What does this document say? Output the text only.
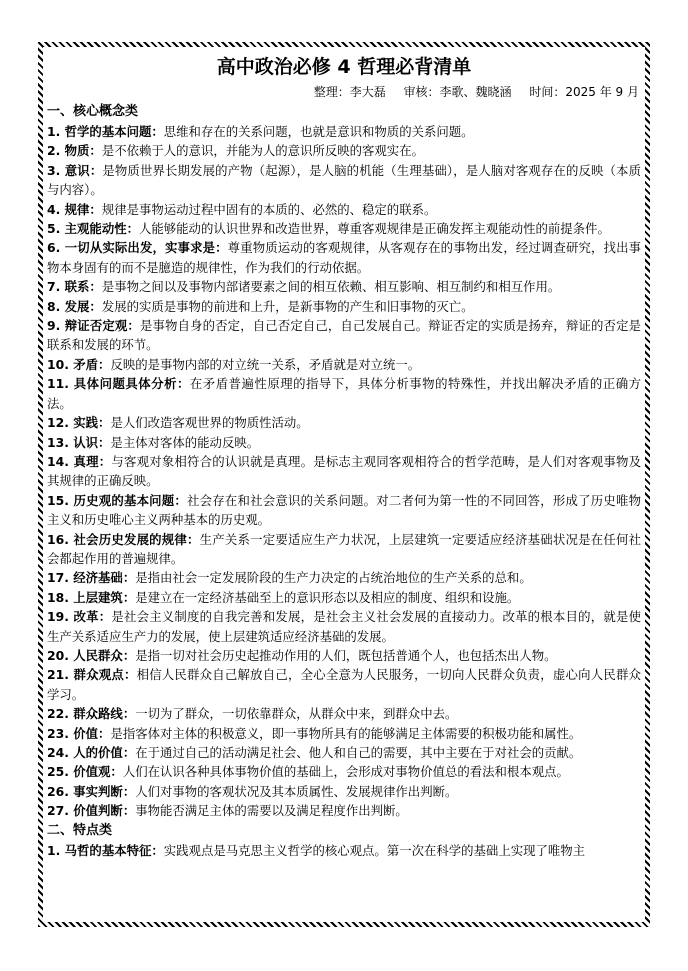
高中政治必修 4 哲理必背清单
整理：李大磊 审核：李歌、魏晓涵 时间：2025 年 9 月
一、核心概念类

1. 哲学的基本问题：思维和存在的关系问题，也就是意识和物质的关系问题。

2. 物质：是不依赖于人的意识，并能为人的意识所反映的客观实在。

3. 意识：是物质世界长期发展的产物（起源），是人脑的机能（生理基础），是人脑对客观存在的反映（本质与内容）。

4. 规律：规律是事物运动过程中固有的本质的、必然的、稳定的联系。

5. 主观能动性：人能够能动的认识世界和改造世界，尊重客观规律是正确发挥主观能动性的前提条件。

6. 一切从实际出发，实事求是：尊重物质运动的客观规律，从客观存在的事物出发，经过调查研究，找出事物本身固有的而不是臆造的规律性，作为我们的行动依据。

7. 联系：是事物之间以及事物内部诸要素之间的相互依赖、相互影响、相互制约和相互作用。

8. 发展：发展的实质是事物的前进和上升，是新事物的产生和旧事物的灭亡。

9. 辩证否定观：是事物自身的否定，自己否定自己，自己发展自己。辩证否定的实质是扬弃，辩证的否定是联系和发展的环节。

10. 矛盾：反映的是事物内部的对立统一关系，矛盾就是对立统一。

11. 具体问题具体分析：在矛盾普遍性原理的指导下，具体分析事物的特殊性，并找出解决矛盾的正确方法。

12. 实践：是人们改造客观世界的物质性活动。

13. 认识：是主体对客体的能动反映。

14. 真理：与客观对象相符合的认识就是真理。是标志主观同客观相符合的哲学范畴，是人们对客观事物及其规律的正确反映。

15. 历史观的基本问题：社会存在和社会意识的关系问题。对二者何为第一性的不同回答，形成了历史唯物主义和历史唯心主义两种基本的历史观。

16. 社会历史发展的规律：生产关系一定要适应生产力状况，上层建筑一定要适应经济基础状况是在任何社会都起作用的普遍规律。

17. 经济基础：是指由社会一定发展阶段的生产力决定的占统治地位的生产关系的总和。

18. 上层建筑：是建立在一定经济基础至上的意识形态以及相应的制度、组织和设施。

19. 改革：是社会主义制度的自我完善和发展，是社会主义社会发展的直接动力。改革的根本目的，就是使生产关系适应生产力的发展，使上层建筑适应经济基础的发展。

20. 人民群众：是指一切对社会历史起推动作用的人们，既包括普通个人，也包括杰出人物。

21. 群众观点：相信人民群众自己解放自己，全心全意为人民服务，一切向人民群众负责，虚心向人民群众学习。

22. 群众路线：一切为了群众，一切依靠群众，从群众中来，到群众中去。

23. 价值：是指客体对主体的积极意义，即一事物所具有的能够满足主体需要的积极功能和属性。

24. 人的价值：在于通过自己的活动满足社会、他人和自己的需要，其中主要在于对社会的贡献。

25. 价值观：人们在认识各种具体事物价值的基础上，会形成对事物价值总的看法和根本观点。

26. 事实判断：人们对事物的客观状况及其本质属性、发展规律作出判断。

27. 价值判断：事物能否满足主体的需要以及满足程度作出判断。

二、特点类

1. 马哲的基本特征：实践观点是马克思主义哲学的核心观点。第一次在科学的基础上实现了唯物主
